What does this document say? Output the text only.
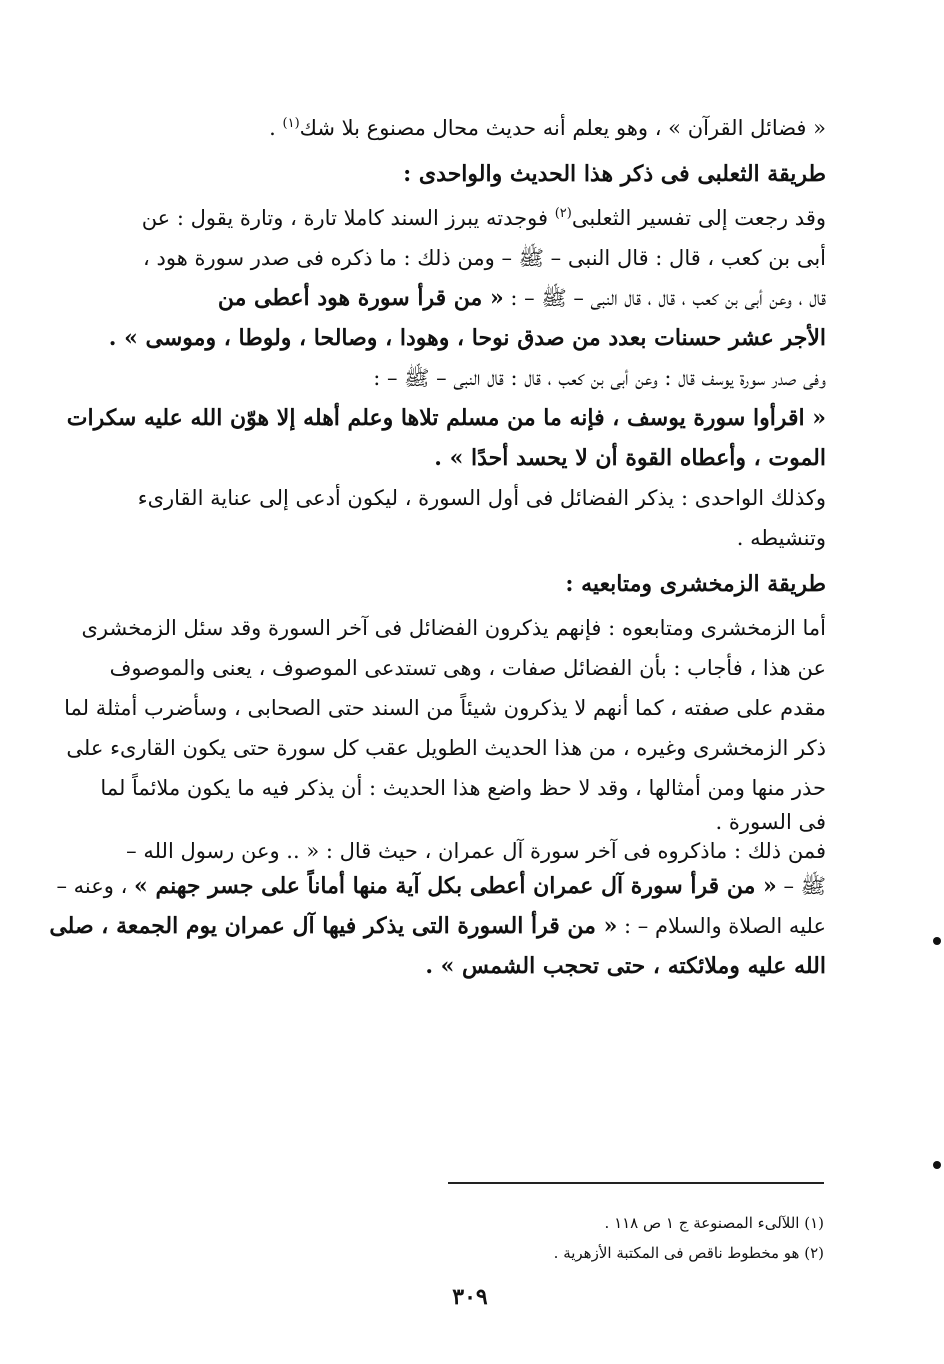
« فضائل القرآن » ، وهو يعلم أنه حديث محال مصنوع بلا شك$^{(١)}$ .
طريقة الثعلبى فى ذكر هذا الحديث والواحدى :
وقد رجعت إلى تفسير الثعلبى$^{(٢)}$ فوجدته يبرز السند كاملا تارة ، وتارة يقول : عن
أبى بن كعب ، قال : قال النبى – ﷺ – ومن ذلك : ما ذكره فى صدر سورة هود ،
قال ، وعن أبى بن كعب ، قال ، قال النبى – ﷺ – : « من قرأ سورة هود أعطى من
الأجر عشر حسنات بعدد من صدق نوحا ، وهودا ، وصالحا ، ولوطا ، وموسى » .
وفى صدر سورة يوسف قال : وعن أبى بن كعب ، قال : قال النبى – ﷺ – :
« اقرأوا سورة يوسف ، فإنه ما من مسلم تلاها وعلم أهله إلا هوّن الله عليه سكرات
الموت ، وأعطاه القوة أن لا يحسد أحدًا » .
وكذلك الواحدى : يذكر الفضائل فى أول السورة ، ليكون أدعى إلى عناية القارىء
وتنشيطه .
طريقة الزمخشرى ومتابعيه :
أما الزمخشرى ومتابعوه : فإنهم يذكرون الفضائل فى آخر السورة وقد سئل الزمخشرى
عن هذا ، فأجاب : بأن الفضائل صفات ، وهى تستدعى الموصوف ، يعنى والموصوف
مقدم على صفته ، كما أنهم لا يذكرون شيئاً من السند حتى الصحابى ، وسأضرب أمثلة لما
ذكر الزمخشرى وغيره ، من هذا الحديث الطويل عقب كل سورة حتى يكون القارىء على
حذر منها ومن أمثالها ، وقد لا حظ واضع هذا الحديث : أن يذكر فيه ما يكون ملائماً لما
فى السورة .
فمن ذلك : ماذكروه فى آخر سورة آل عمران ، حيث قال : « .. وعن رسول الله –
ﷺ – « من قرأ سورة آل عمران أعطى بكل آية منها أماناً على جسر جهنم » ، وعنه –
عليه الصلاة والسلام – : « من قرأ السورة التى يذكر فيها آل عمران يوم الجمعة ، صلى
الله عليه وملائكته ، حتى تحجب الشمس » .
(١) اللآلىء المصنوعة ج ١ ص ١١٨ .
(٢) هو مخطوط ناقص فى المكتبة الأزهرية .
٣٠٩
